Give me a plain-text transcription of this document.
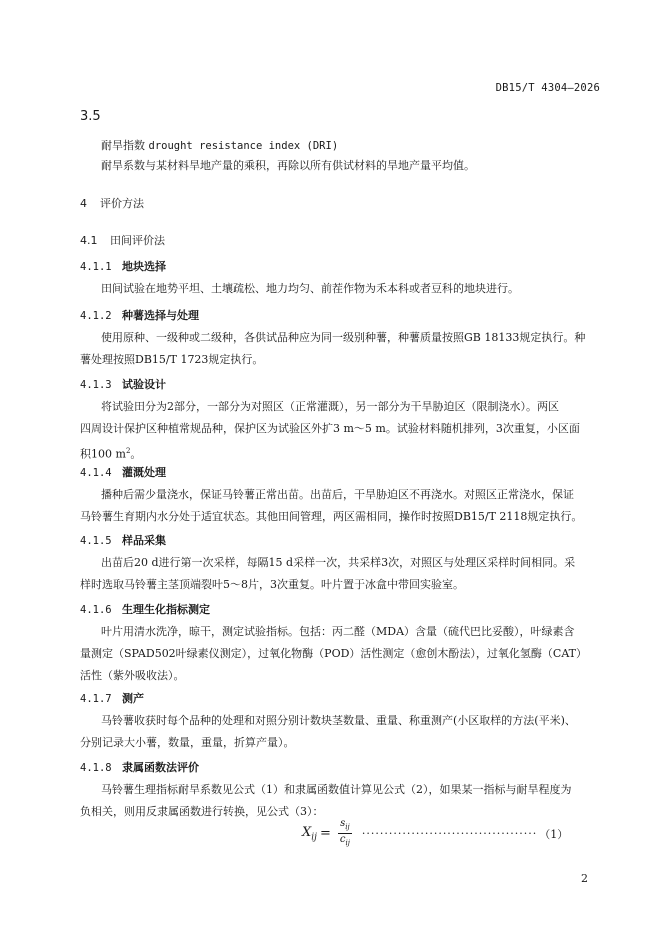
DB15/T 4304—2026
3.5
耐旱指数 drought resistance index (DRI)
耐旱系数与某材料旱地产量的乘积，再除以所有供试材料的旱地产量平均值。
4 评价方法
4.1 田间评价法
4.1.1 地块选择
田间试验在地势平坦、土壤疏松、地力均匀、前茬作物为禾本科或者豆科的地块进行。
4.1.2 种薯选择与处理
使用原种、一级种或二级种，各供试品种应为同一级别种薯，种薯质量按照GB 18133规定执行。种
薯处理按照DB15/T 1723规定执行。
4.1.3 试验设计
将试验田分为2部分，一部分为对照区（正常灌溉），另一部分为干旱胁迫区（限制浇水）。两区
四周设计保护区种植常规品种，保护区为试验区外扩3 m～5 m。试验材料随机排列，3次重复，小区面
积100 $m^2$。
4.1.4 灌溉处理
播种后需少量浇水，保证马铃薯正常出苗。出苗后，干旱胁迫区不再浇水。对照区正常浇水，保证
马铃薯生育期内水分处于适宜状态。其他田间管理，两区需相同，操作时按照DB15/T 2118规定执行。
4.1.5 样品采集
出苗后20 d进行第一次采样，每隔15 d采样一次，共采样3次，对照区与处理区采样时间相同。采
样时选取马铃薯主茎顶端裂叶5～8片，3次重复。叶片置于冰盒中带回实验室。
4.1.6 生理生化指标测定
叶片用清水洗净，晾干，测定试验指标。包括：丙二醛（MDA）含量（硫代巴比妥酸），叶绿素含
量测定（SPAD502叶绿素仪测定），过氧化物酶（POD）活性测定（愈创木酚法），过氧化氢酶（CAT）
活性（紫外吸收法）。
4.1.7 测产
马铃薯收获时每个品种的处理和对照分别计数块茎数量、重量、称重测产(小区取样的方法(平米)、
分别记录大小薯，数量，重量，折算产量）。
4.1.8 隶属函数法评价
马铃薯生理指标耐旱系数见公式（1）和隶属函数值计算见公式（2），如果某一指标与耐旱程度为
负相关，则用反隶属函数进行转换，见公式（3）：
$X_{ij} = \frac{s_{ij}}{c_{ij}}$ ······································· （1）
2
